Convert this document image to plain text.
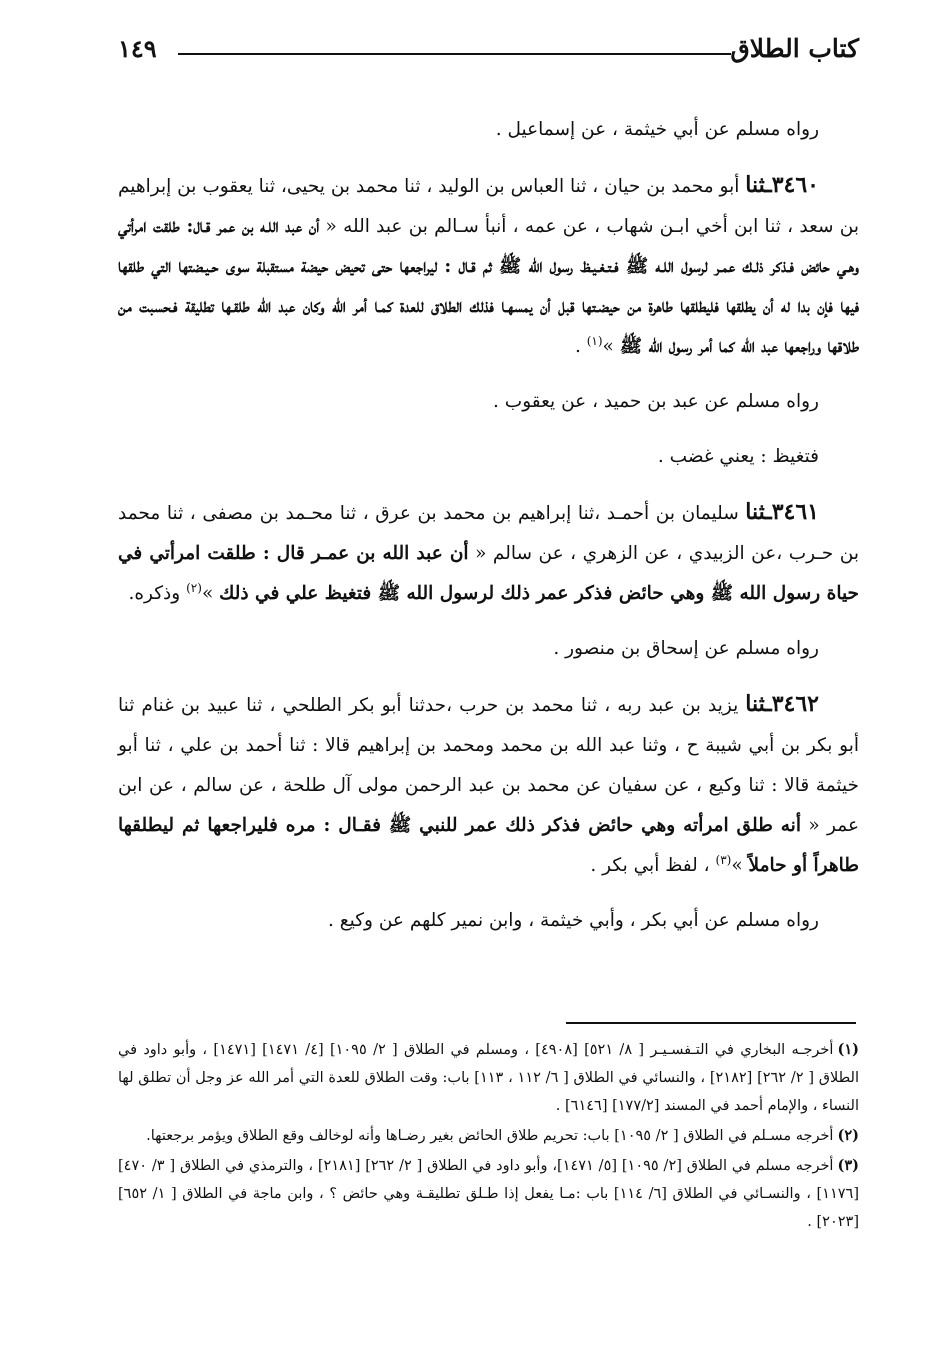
كتاب الطلاق
١٤٩

رواه مسلم عن أبي خيثمة ، عن إسماعيل .

٣٤٦٠ـثنا أبو محمد بن حيان ، ثنا العباس بن الوليد ، ثنا محمد بن يحيى، ثنا يعقوب بن إبراهيم بن سعد ، ثنا ابن أخي ابـن شهاب ، عن عمه ، أنبأ سـالم بن عبد الله « أن عبد اللـه بن عمر قـال: طلقت امرأتي وهـي حائض فـذكر ذلـك عمـر لرسول اللـه ﷺ فـتـغـيـظ رسول الله ﷺ ثم قـال : ليراجعها حتى تحيض حيضة مستقبلة سوى حـيـضتها التي طلقها فيها فإن بدا له أن يطلقها فليطلقها طاهرة من حيضـتها قبل أن يمسهـا فذلك الطلاق للعدة كمـا أمر الله وكان عبد الله طلقـها تطليقة فـحسبت من طلاقها وراجعها عبد الله كما أمر رسول الله ﷺ »$^{(١)}$ .

رواه مسلم عن عبد بن حميد ، عن يعقوب .

فتغيظ : يعني غضب .

٣٤٦١ـثنا سليمان بن أحمـد ،ثنا إبراهيم بن محمد بن عرق ، ثنا محـمد بن مصفى ، ثنا محمد بن حـرب ،عن الزبيدي ، عن الزهري ، عن سالم « أن عبد الله بن عمـر قال : طلقت امرأتي في حياة رسول الله ﷺ وهي حائض فذكر عمر ذلك لرسول الله ﷺ فتغيظ علي في ذلك »$^{(٢)}$ وذكره.

رواه مسلم عن إسحاق بن منصور .

٣٤٦٢ـثنا يزيد بن عبد ربه ، ثنا محمد بن حرب ،حدثنا أبو بكر الطلحي ، ثنا عبيد بن غنام ثنا أبو بكر بن أبي شيبة ح ، وثنا عبد الله بن محمد ومحمد بن إبراهيم قالا : ثنا أحمد بن علي ، ثنا أبو خيثمة قالا : ثنا وكيع ، عن سفيان عن محمد بن عبد الرحمن مولى آل طلحة ، عن سالم ، عن ابن عمر « أنه طلق امرأته وهي حائض فذكر ذلك عمر للنبي ﷺ فقـال : مره فليراجعها ثم ليطلقها طاهراً أو حاملاً »$^{(٣)}$ ، لفظ أبي بكر .

رواه مسلم عن أبي بكر ، وأبي خيثمة ، وابن نمير كلهم عن وكيع .

(١)أخرجـه البخاري في التـفسـيـر [ ٨/ ٥٢١] [٤٩٠٨] ، ومسلم في الطلاق [ ٢/ ١٠٩٥] [٤/ ١٤٧١] [١٤٧١] ، وأبو داود في الطلاق [ ٢/ ٢٦٢] [٢١٨٢] ، والنسائي في الطلاق [ ٦/ ١١٢ ، ١١٣] باب: وقت الطلاق للعدة التي أمر الله عز وجل أن تطلق لها النساء ، والإمام أحمد في المسند [١٧٧/٢] [٦١٤٦] .

(٢)أخرجه مسـلم في الطلاق [ ٢/ ١٠٩٥] باب: تحريم طلاق الحائض بغير رضـاها وأنه لوخالف وقع الطلاق ويؤمر برجعتها.

(٣)أخرجه مسلم في الطلاق [٢/ ١٠٩٥] [٥/ ١٤٧١]، وأبو داود في الطلاق [ ٢/ ٢٦٢] [٢١٨١] ، والترمذي في الطلاق [ ٣/ ٤٧٠] [١١٧٦] ، والنسـائي في الطلاق [٦/ ١١٤] باب :مـا يفعل إذا طـلق تطليقـة وهي حائض ؟ ، وابن ماجة في الطلاق [ ١/ ٦٥٢] [٢٠٢٣] .
